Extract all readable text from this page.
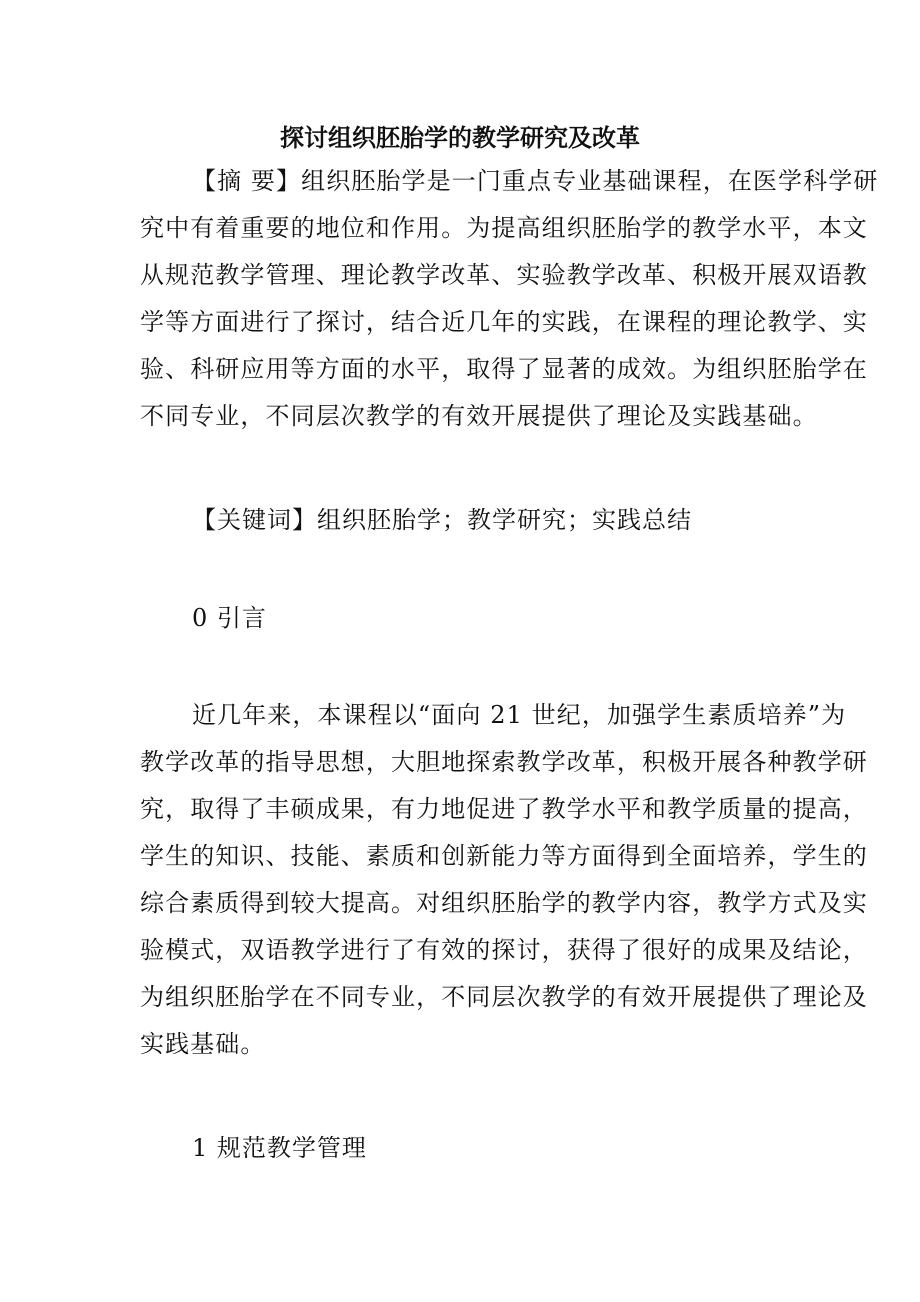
探讨组织胚胎学的教学研究及改革
【摘 要】组织胚胎学是一门重点专业基础课程，在医学科学研
究中有着重要的地位和作用。为提高组织胚胎学的教学水平，本文
从规范教学管理、理论教学改革、实验教学改革、积极开展双语教
学等方面进行了探讨，结合近几年的实践，在课程的理论教学、实
验、科研应用等方面的水平，取得了显著的成效。为组织胚胎学在
不同专业，不同层次教学的有效开展提供了理论及实践基础。
【关键词】组织胚胎学；教学研究；实践总结
0 引言
近几年来，本课程以“面向 21 世纪，加强学生素质培养”为
教学改革的指导思想，大胆地探索教学改革，积极开展各种教学研
究，取得了丰硕成果，有力地促进了教学水平和教学质量的提高，
学生的知识、技能、素质和创新能力等方面得到全面培养，学生的
综合素质得到较大提高。对组织胚胎学的教学内容，教学方式及实
验模式，双语教学进行了有效的探讨，获得了很好的成果及结论，
为组织胚胎学在不同专业，不同层次教学的有效开展提供了理论及
实践基础。
1 规范教学管理
